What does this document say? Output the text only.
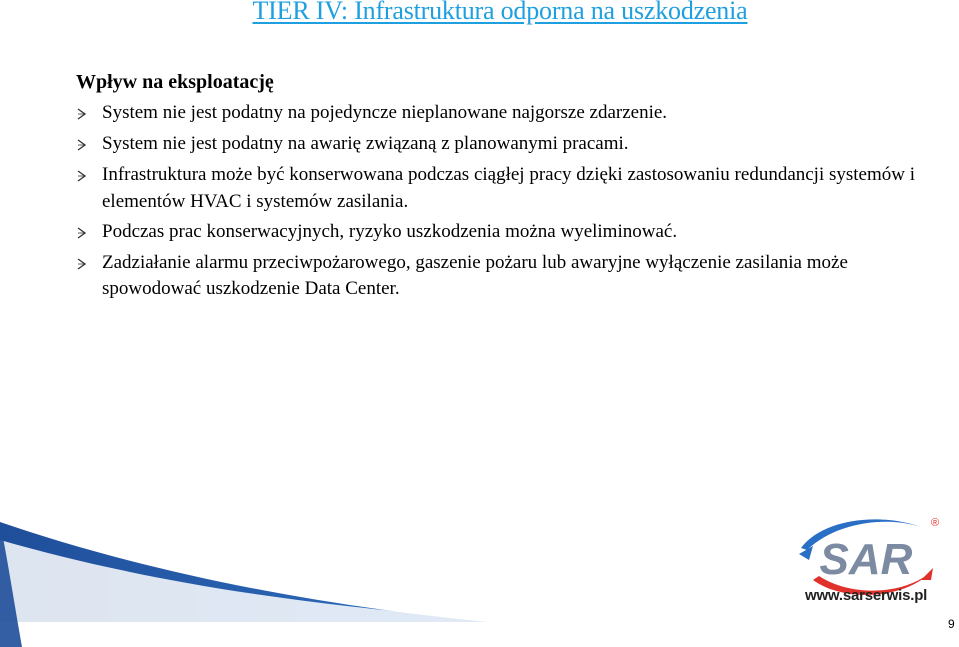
TIER IV: Infrastruktura odporna na uszkodzenia
Wpływ na eksploatację
System nie jest podatny na pojedyncze nieplanowane najgorsze zdarzenie.
System nie jest podatny na awarię związaną z planowanymi pracami.
Infrastruktura może być konserwowana podczas ciągłej pracy dzięki zastosowaniu redundancji systemów i elementów HVAC i systemów zasilania.
Podczas prac konserwacyjnych, ryzyko uszkodzenia można wyeliminować.
Zadziałanie alarmu przeciwpożarowego, gaszenie pożaru lub awaryjne wyłączenie zasilania może spowodować uszkodzenie Data Center.
SAR
®
www.sarserwis.pl
9
